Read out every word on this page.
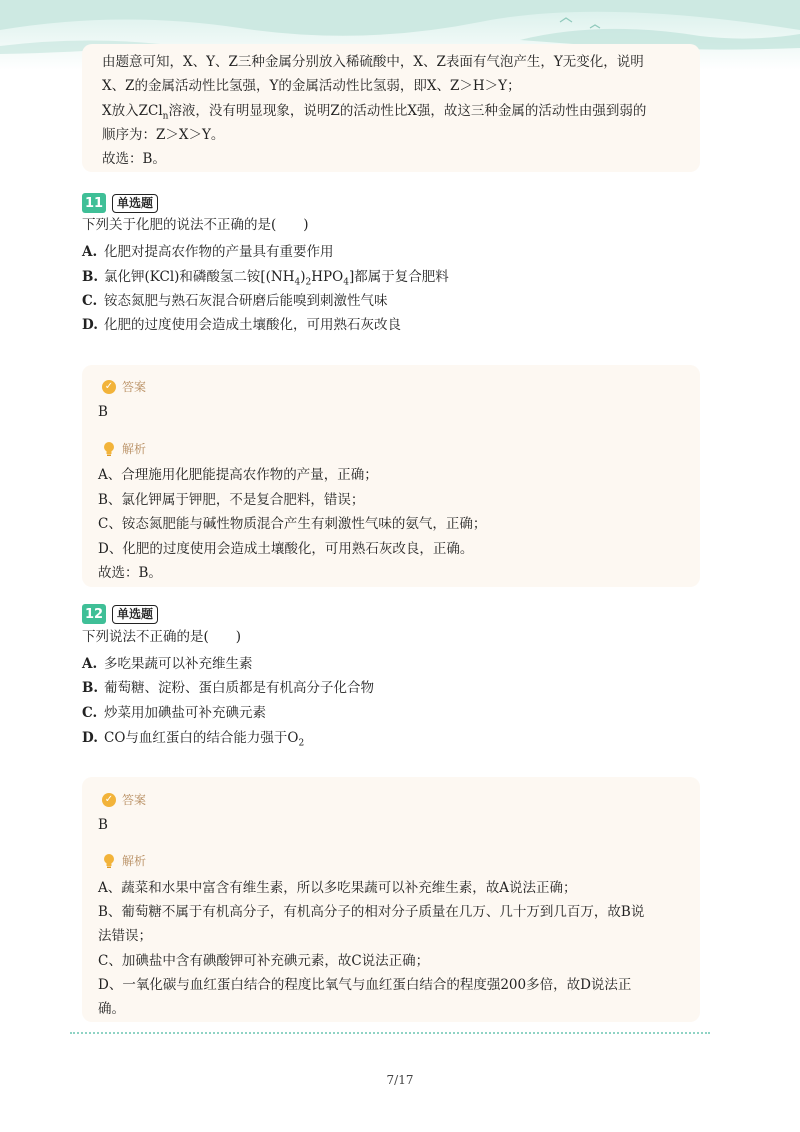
由题意可知，X、Y、Z三种金属分别放入稀硫酸中，X、Z表面有气泡产生，Y无变化，说明
X、Z的金属活动性比氢强，Y的金属活动性比氢弱，即X、Z＞H＞Y；
X放入ZCl$_n$溶液，没有明显现象，说明Z的活动性比X强，故这三种金属的活动性由强到弱的
顺序为：Z＞X＞Y。
故选：B。
11	单选题
下列关于化肥的说法不正确的是(　　)
A. 化肥对提高农作物的产量具有重要作用
B. 氯化钾(KCl)和磷酸氢二铵$[(NH_4)_2HPO_4]$都属于复合肥料
C. 铵态氮肥与熟石灰混合研磨后能嗅到刺激性气味
D. 化肥的过度使用会造成土壤酸化，可用熟石灰改良
✓ 答案
B
解析
A、合理施用化肥能提高农作物的产量，正确；
B、氯化钾属于钾肥，不是复合肥料，错误；
C、铵态氮肥能与碱性物质混合产生有刺激性气味的氨气，正确；
D、化肥的过度使用会造成土壤酸化，可用熟石灰改良，正确。
故选：B。
12	单选题
下列说法不正确的是(　　)
A. 多吃果蔬可以补充维生素
B. 葡萄糖、淀粉、蛋白质都是有机高分子化合物
C. 炒菜用加碘盐可补充碘元素
D. CO与血红蛋白的结合能力强于$O_2$
✓ 答案
B
解析
A、蔬菜和水果中富含有维生素，所以多吃果蔬可以补充维生素，故A说法正确；
B、葡萄糖不属于有机高分子，有机高分子的相对分子质量在几万、几十万到几百万，故B说
法错误；
C、加碘盐中含有碘酸钾可补充碘元素，故C说法正确；
D、一氧化碳与血红蛋白结合的程度比氧气与血红蛋白结合的程度强200多倍，故D说法正
确。
7/17
